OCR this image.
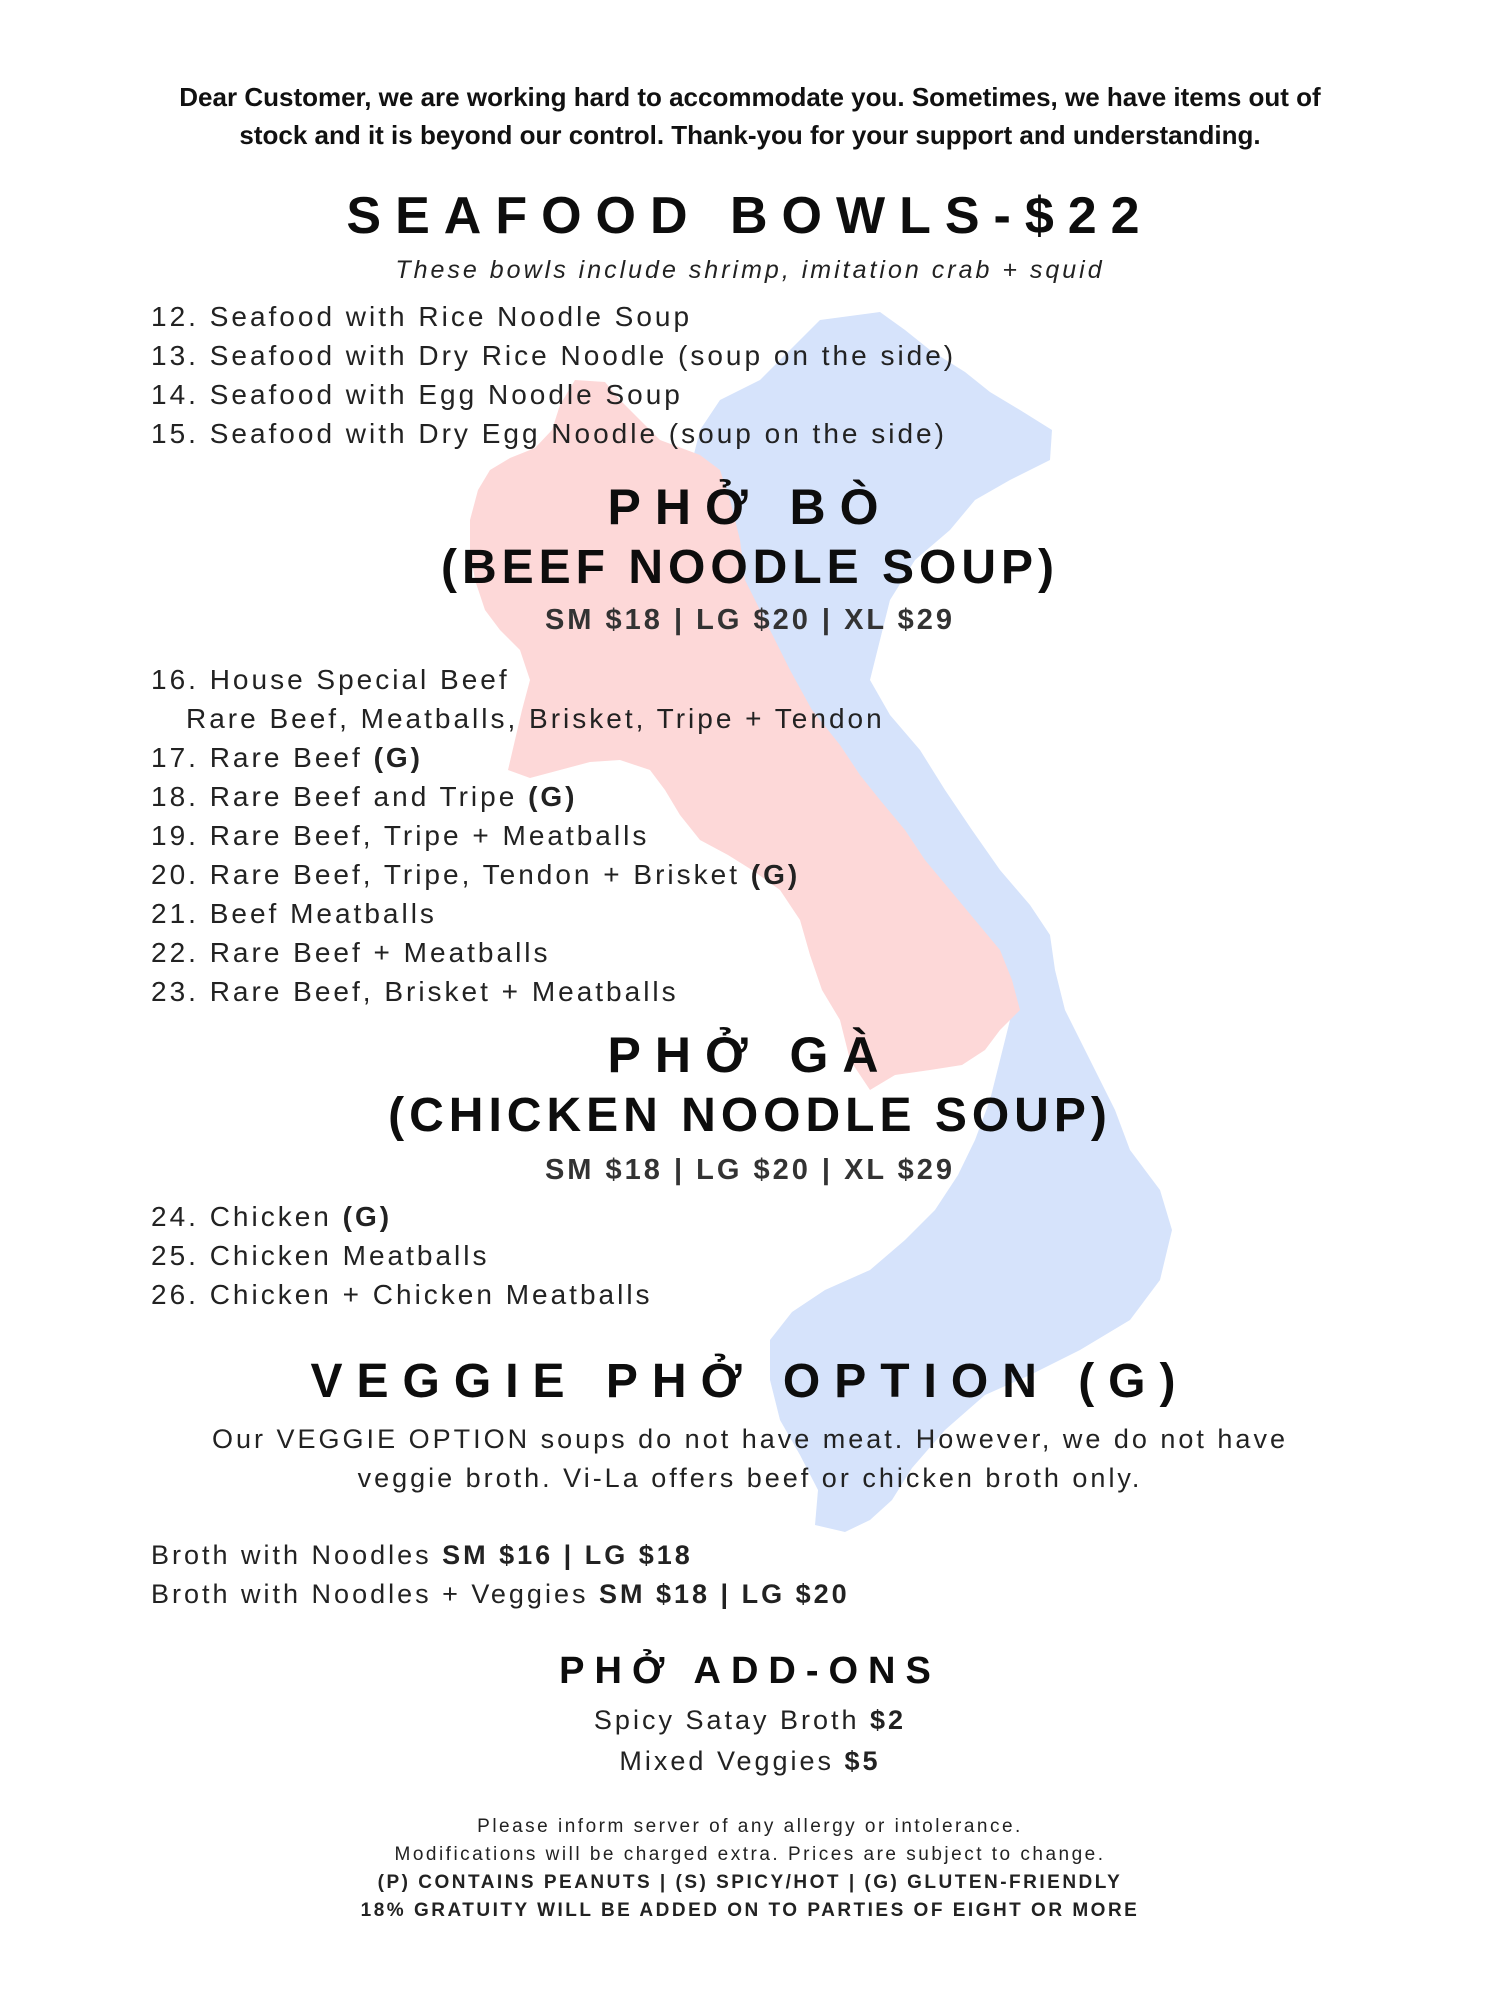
Dear Customer, we are working hard to accommodate you. Sometimes, we have items out of
stock and it is beyond our control. Thank-you for your support and understanding.
SEAFOOD BOWLS-$22
These bowls include shrimp, imitation crab + squid
12. Seafood with Rice Noodle Soup
13. Seafood with Dry Rice Noodle (soup on the side)
14. Seafood with Egg Noodle Soup
15. Seafood with Dry Egg Noodle (soup on the side)
PHỞ BÒ
(BEEF NOODLE SOUP)
SM $18 | LG $20 | XL $29
16. House Special Beef
Rare Beef, Meatballs, Brisket, Tripe + Tendon
17. Rare Beef (G)
18. Rare Beef and Tripe (G)
19. Rare Beef, Tripe + Meatballs
20. Rare Beef, Tripe, Tendon + Brisket (G)
21. Beef Meatballs
22. Rare Beef + Meatballs
23. Rare Beef, Brisket + Meatballs
PHỞ GÀ
(CHICKEN NOODLE SOUP)
SM $18 | LG $20 | XL $29
24. Chicken (G)
25. Chicken Meatballs
26. Chicken + Chicken Meatballs
VEGGIE PHỞ OPTION (G)
Our VEGGIE OPTION soups do not have meat. However, we do not have
veggie broth. Vi-La offers beef or chicken broth only.
Broth with Noodles SM $16 | LG $18
Broth with Noodles + Veggies SM $18 | LG $20
PHỞ ADD-ONS
Spicy Satay Broth $2
Mixed Veggies $5
Please inform server of any allergy or intolerance.
Modifications will be charged extra. Prices are subject to change.
(P) CONTAINS PEANUTS | (S) SPICY/HOT | (G) GLUTEN-FRIENDLY
18% GRATUITY WILL BE ADDED ON TO PARTIES OF EIGHT OR MORE
